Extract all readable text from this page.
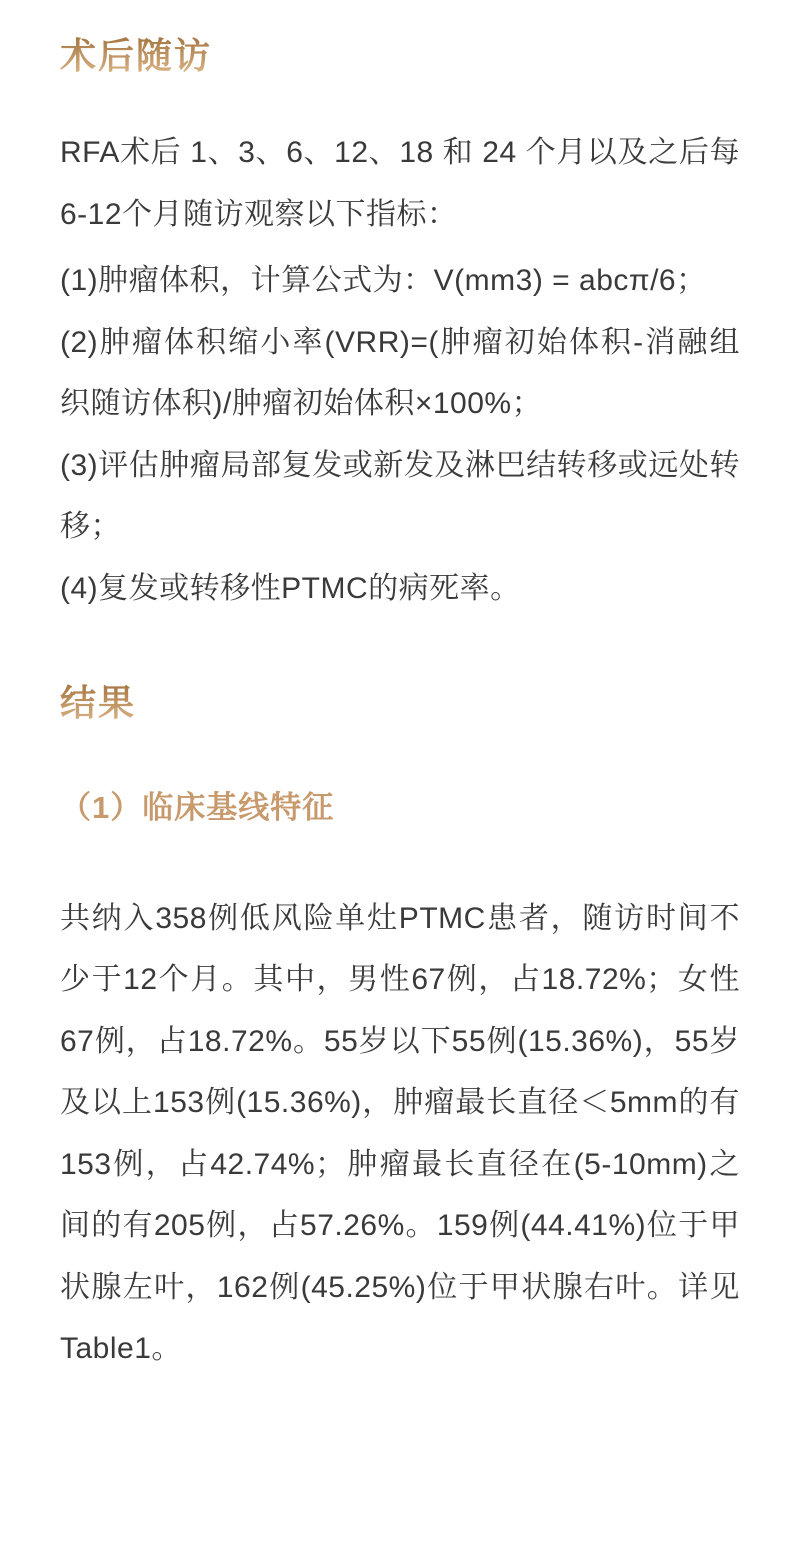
术后随访

RFA术后 1、3、6、12、18 和 24 个月以及之后每6-12个月随访观察以下指标：

(1)肿瘤体积，计算公式为：V(mm3) = abcπ/6；

(2)肿瘤体积缩小率(VRR)=(肿瘤初始体积-消融组织随访体积)/肿瘤初始体积×100%；

(3)评估肿瘤局部复发或新发及淋巴结转移或远处转移；

(4)复发或转移性PTMC的病死率。

结果
（1）临床基线特征

共纳入358例低风险单灶PTMC患者，随访时间不少于12个月。其中，男性67例，占18.72%；女性67例，占18.72%。55岁以下55例(15.36%)，55岁及以上153例(15.36%)，肿瘤最长直径＜5mm的有153例，占42.74%；肿瘤最长直径在(5-10mm)之间的有205例，占57.26%。159例(44.41%)位于甲状腺左叶，162例(45.25%)位于甲状腺右叶。详见Table1。
